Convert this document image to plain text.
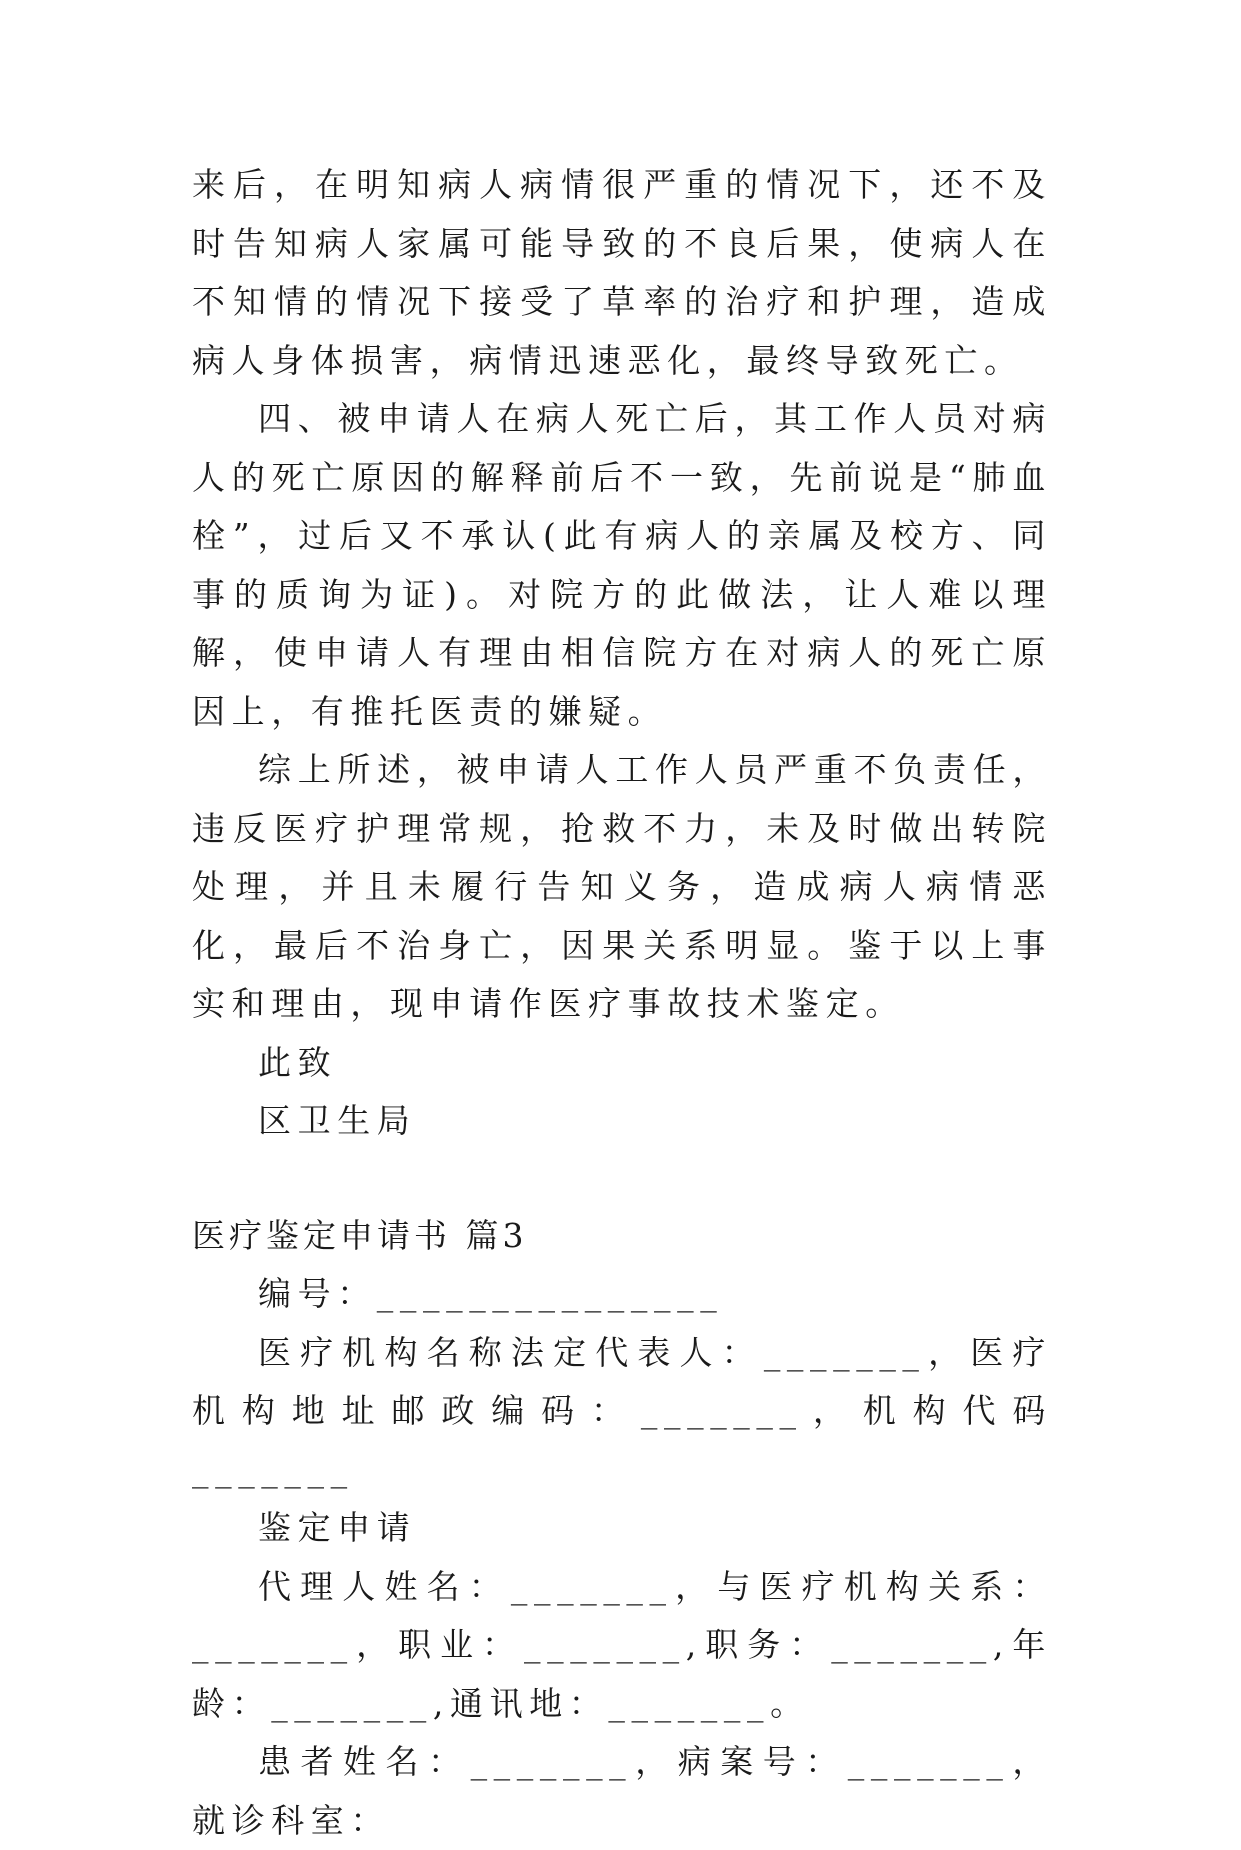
来后，在明知病人病情很严重的情况下，还不及时告知病人家属可能导致的不良后果，使病人在不知情的情况下接受了草率的治疗和护理，造成病人身体损害，病情迅速恶化，最终导致死亡。

四、被申请人在病人死亡后，其工作人员对病人的死亡原因的解释前后不一致，先前说是“肺血栓”，过后又不承认(此有病人的亲属及校方、同事的质询为证)。对院方的此做法，让人难以理解，使申请人有理由相信院方在对病人的死亡原因上，有推托医责的嫌疑。

综上所述，被申请人工作人员严重不负责任，违反医疗护理常规，抢救不力，未及时做出转院处理，并且未履行告知义务，造成病人病情恶化，最后不治身亡，因果关系明显。鉴于以上事实和理由，现申请作医疗事故技术鉴定。

此致

区卫生局

医疗鉴定申请书 篇3

编号：_______________

医疗机构名称法定代表人：_______，医疗机构地址邮政编码：_______，机构代码_______

鉴定申请

代理人姓名：_______，与医疗机构关系：_______，职业：_______,职务：_______,年龄：_______,通讯地：_______。

患者姓名：_______，病案号：_______，就诊科室：
